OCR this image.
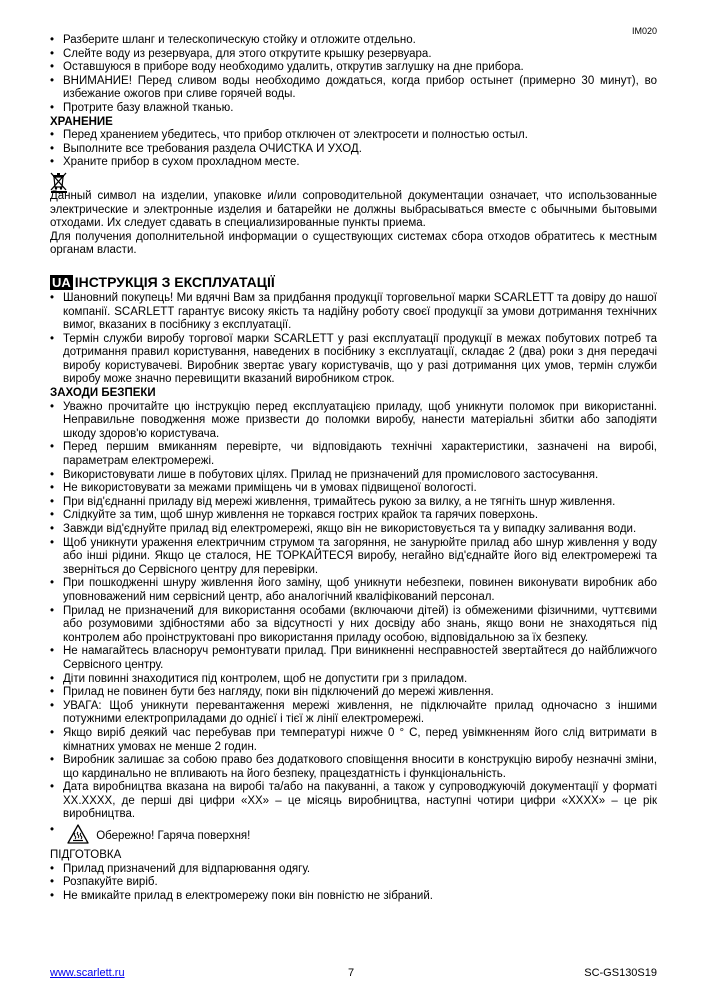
IM020
• Разберите шланг и телескопическую стойку и отложите отдельно.
• Слейте воду из резервуара, для этого открутите крышку резервуара.
• Оставшуюся в приборе воду необходимо удалить, открутив заглушку на дне прибора.
• ВНИМАНИЕ! Перед сливом воды необходимо дождаться, когда прибор остынет (примерно 30 минут), во избежание ожогов при сливе горячей воды.
• Протрите базу влажной тканью.
ХРАНЕНИЕ
• Перед хранением убедитесь, что прибор отключен от электросети и полностью остыл.
• Выполните все требования раздела ОЧИСТКА И УХОД.
• Храните прибор в сухом прохладном месте.

Данный символ на изделии, упаковке и/или сопроводительной документации означает, что использованные электрические и электронные изделия и батарейки не должны выбрасываться вместе с обычными бытовыми отходами. Их следует сдавать в специализированные пункты приема.

Для получения дополнительной информации о существующих системах сбора отходов обратитесь к местным органам власти.

UA ІНСТРУКЦІЯ З ЕКСПЛУАТАЦІЇ
• Шановний покупець! Ми вдячні Вам за придбання продукції торговельної марки SCARLETT та довіру до нашої компанії. SCARLETT гарантує високу якість та надійну роботу своєї продукції за умови дотримання технічних вимог, вказаних в посібнику з експлуатації.
• Термін служби виробу торгової марки SCARLETT у разі експлуатації продукції в межах побутових потреб та дотримання правил користування, наведених в посібнику з експлуатації, складає 2 (два) роки з дня передачі виробу користувачеві. Виробник звертає увагу користувачів, що у разі дотримання цих умов, термін служби виробу може значно перевищити вказаний виробником строк.
ЗАХОДИ БЕЗПЕКИ
• Уважно прочитайте цю інструкцію перед експлуатацією приладу, щоб уникнути поломок при використанні. Неправильне поводження може призвести до поломки виробу, нанести матеріальні збитки або заподіяти шкоду здоров'ю користувача.
• Перед першим вмиканням перевірте, чи відповідають технічні характеристики, зазначені на виробі, параметрам електромережі.
• Використовувати лише в побутових цілях. Прилад не призначений для промислового застосування.
• Не використовувати за межами приміщень чи в умовах підвищеної вологості.
• При від'єднанні приладу від мережі живлення, тримайтесь рукою за вилку, а не тягніть шнур живлення.
• Слідкуйте за тим, щоб шнур живлення не торкався гострих крайок та гарячих поверхонь.
• Завжди від'єднуйте прилад від електромережі, якщо він не використовується та у випадку заливання води.
• Щоб уникнути ураження електричним струмом та загоряння, не занурюйте прилад або шнур живлення у воду або інші рідини. Якщо це сталося, НЕ ТОРКАЙТЕСЯ виробу, негайно від'єднайте його від електромережі та зверніться до Сервісного центру для перевірки.
• При пошкодженні шнуру живлення його заміну, щоб уникнути небезпеки, повинен виконувати виробник або уповноважений ним сервісний центр, або аналогічний кваліфікований персонал.
• Прилад не призначений для використання особами (включаючи дітей) із обмеженими фізичними, чуттєвими або розумовими здібностями або за відсутності у них досвіду або знань, якщо вони не знаходяться під контролем або проінструктовані про використання приладу особою, відповідальною за їх безпеку.
• Не намагайтесь власноруч ремонтувати прилад. При виникненні несправностей звертайтеся до найближчого Сервісного центру.
• Діти повинні знаходитися під контролем, щоб не допустити гри з приладом.
• Прилад не повинен бути без нагляду, поки він підключений до мережі живлення.
• УВАГА: Щоб уникнути перевантаження мережі живлення, не підключайте прилад одночасно з іншими потужними електроприладами до однієї і тієї ж лінії електромережі.
• Якщо виріб деякий час перебував при температурі нижче 0 ° С, перед увімкненням його слід витримати в кімнатних умовах не менше 2 годин.
• Виробник залишає за собою право без додаткового сповіщення вносити в конструкцію виробу незначні зміни, що кардинально не впливають на його безпеку, працездатність і функціональність.
• Дата виробництва вказана на виробі та/або на пакуванні, а також у супроводжуючій документації у форматі XX.XXXX, де перші дві цифри «XX» – це місяць виробництва, наступні чотири цифри «XXXX» – це рік виробництва.
• Обережно! Гаряча поверхня!
ПІДГОТОВКА
• Прилад призначений для відпарювання одягу.
• Розпакуйте виріб.
• Не вмикайте прилад в електромережу поки він повністю не зібраний.
www.scarlett.ru	7	SC-GS130S19
